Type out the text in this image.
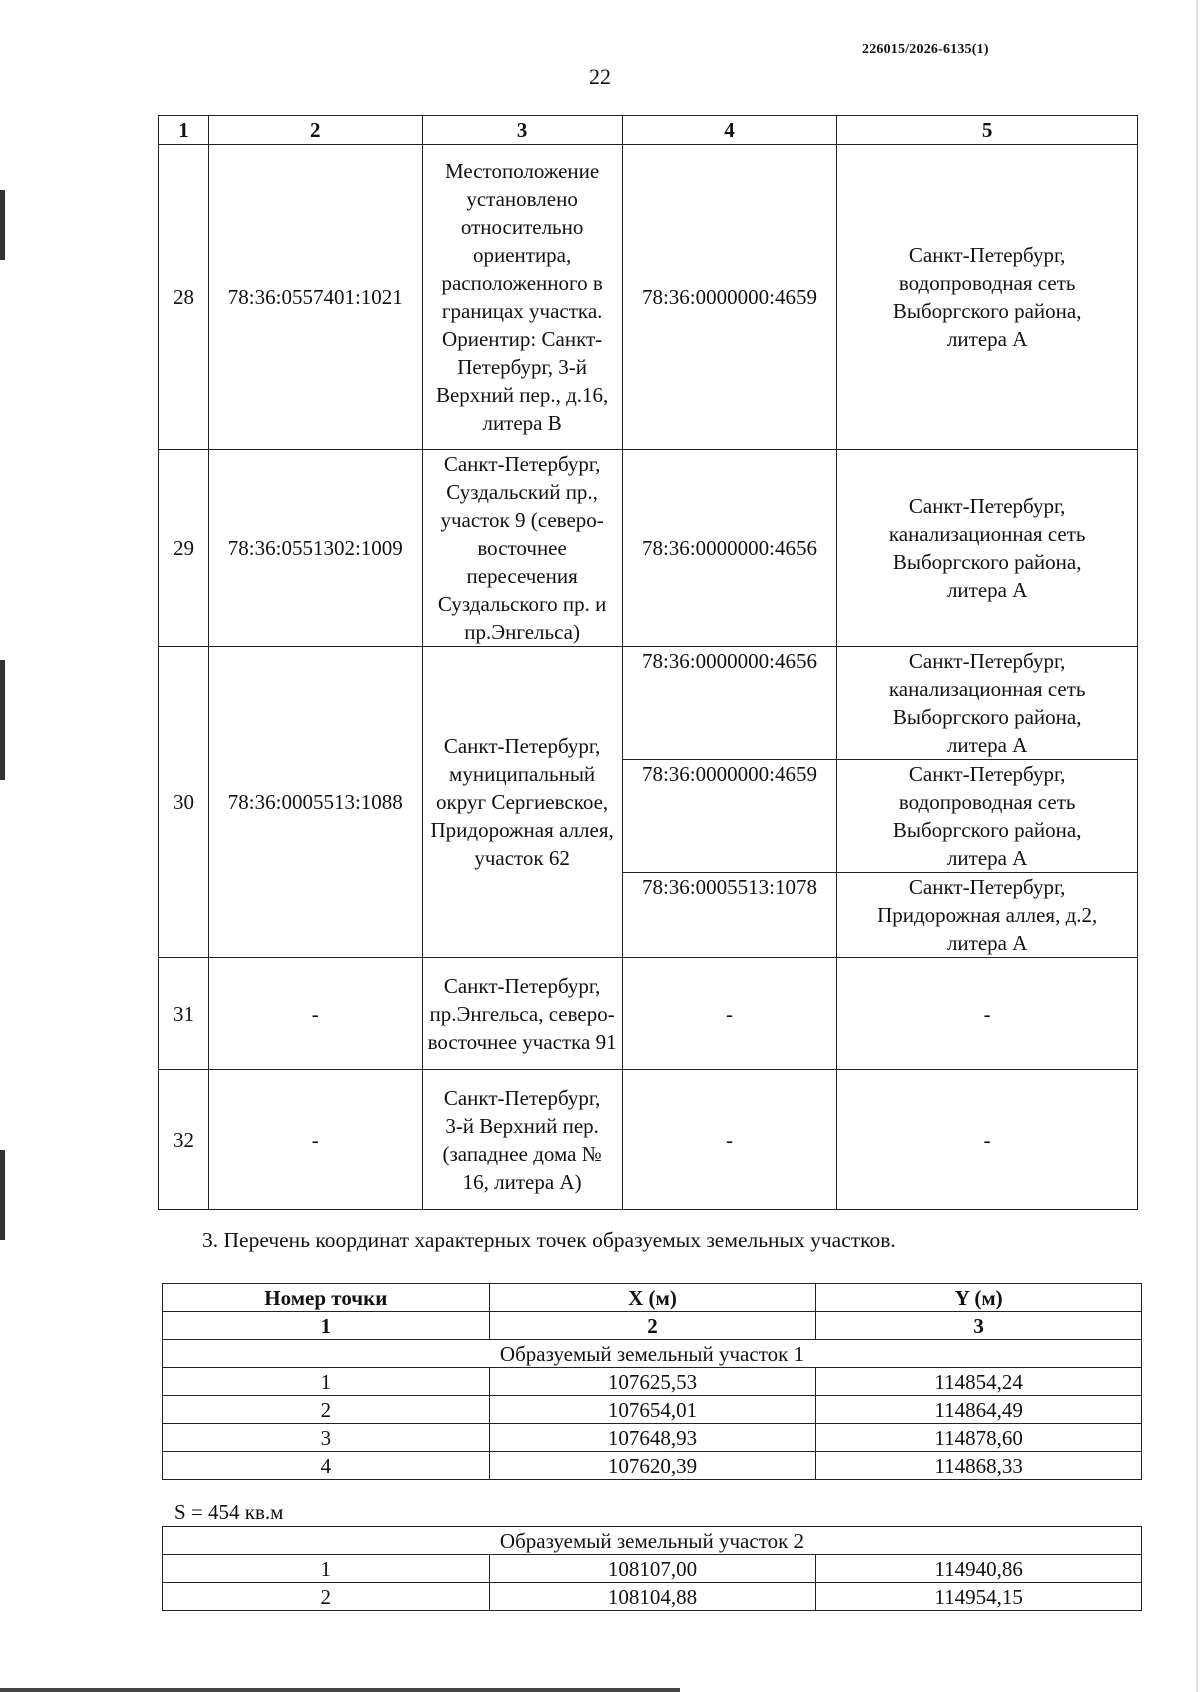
226015/2026-6135(1)
22
1	2	3	4	5
28	78:36:0557401:1021	Местоположение установлено относительно ориентира, расположенного в границах участка. Ориентир: Санкт-Петербург, 3-й Верхний пер., д.16, литера В	78:36:0000000:4659	Санкт-Петербург, водопроводная сеть Выборгского района, литера А
29	78:36:0551302:1009	Санкт-Петербург, Суздальский пр., участок 9 (северо-восточнее пересечения Суздальского пр. и пр.Энгельса)	78:36:0000000:4656	Санкт-Петербург, канализационная сеть Выборгского района, литера А
30	78:36:0005513:1088	Санкт-Петербург, муниципальный округ Сергиевское, Придорожная аллея, участок 62	78:36:0000000:4656	Санкт-Петербург, канализационная сеть Выборгского района, литера А
			78:36:0000000:4659	Санкт-Петербург, водопроводная сеть Выборгского района, литера А
			78:36:0005513:1078	Санкт-Петербург, Придорожная аллея, д.2, литера А
31	-	Санкт-Петербург, пр.Энгельса, северо-восточнее участка 91	-	-
32	-	Санкт-Петербург, 3-й Верхний пер. (западнее дома № 16, литера А)	-	-
3. Перечень координат характерных точек образуемых земельных участков.
Номер точки	X (м)	Y (м)
1	2	3
Образуемый земельный участок 1		
1	107625,53	114854,24
2	107654,01	114864,49
3	107648,93	114878,60
4	107620,39	114868,33
S = 454 кв.м
Образуемый земельный участок 2		
1	108107,00	114940,86
2	108104,88	114954,15
